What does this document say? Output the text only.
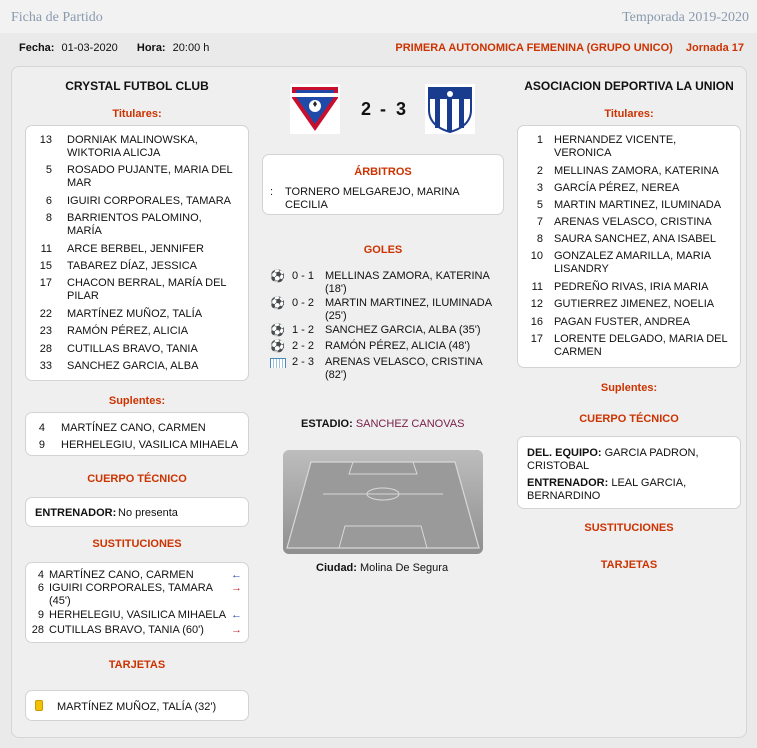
Ficha de Partido	Temporada 2019-2020
Fecha: 01-03-2020 Hora: 20:00 h	PRIMERA AUTONOMICA FEMENINA (GRUPO UNICO) Jornada 17
CRYSTAL FUTBOL CLUB
Titulares:
13 DORNIAK MALINOWSKA,
WIKTORIA ALICJA
5 ROSADO PUJANTE, MARIA DEL
MAR
6 IGUIRI CORPORALES, TAMARA
8 BARRIENTOS PALOMINO,
MARÍA
11 ARCE BERBEL, JENNIFER
15 TABAREZ DÍAZ, JESSICA
17 CHACON BERRAL, MARÍA DEL
PILAR
22 MARTÍNEZ MUÑOZ, TALÍA
23 RAMÓN PÉREZ, ALICIA
28 CUTILLAS BRAVO, TANIA
33 SANCHEZ GARCIA, ALBA
Suplentes:
4 MARTÍNEZ CANO, CARMEN
9 HERHELEGIU, VASILICA MIHAELA
CUERPO TÉCNICO
ENTRENADOR: No presenta
SUSTITUCIONES
4 MARTÍNEZ CANO, CARMEN	←
6 IGUIRI CORPORALES, TAMARA
(45')
→
9 HERHELEGIU, VASILICA MIHAELA ←
28 CUTILLAS BRAVO, TANIA (60') →
TARJETAS
MARTÍNEZ MUÑOZ, TALÍA (32')
2 - 3
ÁRBITROS
: TORNERO MELGAREJO, MARINA
CECILIA
GOLES
⚽ 0 - 1 MELLINAS ZAMORA, KATERINA
(18')
⚽ 0 - 2 MARTIN MARTINEZ, ILUMINADA
(25')
⚽ 1 - 2 SANCHEZ GARCIA, ALBA (35')
⚽ 2 - 2 RAMÓN PÉREZ, ALICIA (48')
2 - 3 ARENAS VELASCO, CRISTINA
(82')
ESTADIO: SANCHEZ CANOVAS
Ciudad: Molina De Segura
ASOCIACION DEPORTIVA LA UNION
Titulares:
1 HERNANDEZ VICENTE,
VERONICA
2 MELLINAS ZAMORA, KATERINA
3 GARCÍA PÉREZ, NEREA
5 MARTIN MARTINEZ, ILUMINADA
7 ARENAS VELASCO, CRISTINA
8 SAURA SANCHEZ, ANA ISABEL
10 GONZALEZ AMARILLA, MARIA
LISANDRY
11 PEDREÑO RIVAS, IRIA MARIA
12 GUTIERREZ JIMENEZ, NOELIA
16 PAGAN FUSTER, ANDREA
17 LORENTE DELGADO, MARIA DEL
CARMEN
Suplentes:
CUERPO TÉCNICO
DEL. EQUIPO: GARCIA PADRON,
CRISTOBAL
ENTRENADOR: LEAL GARCIA,
BERNARDINO
SUSTITUCIONES
TARJETAS
